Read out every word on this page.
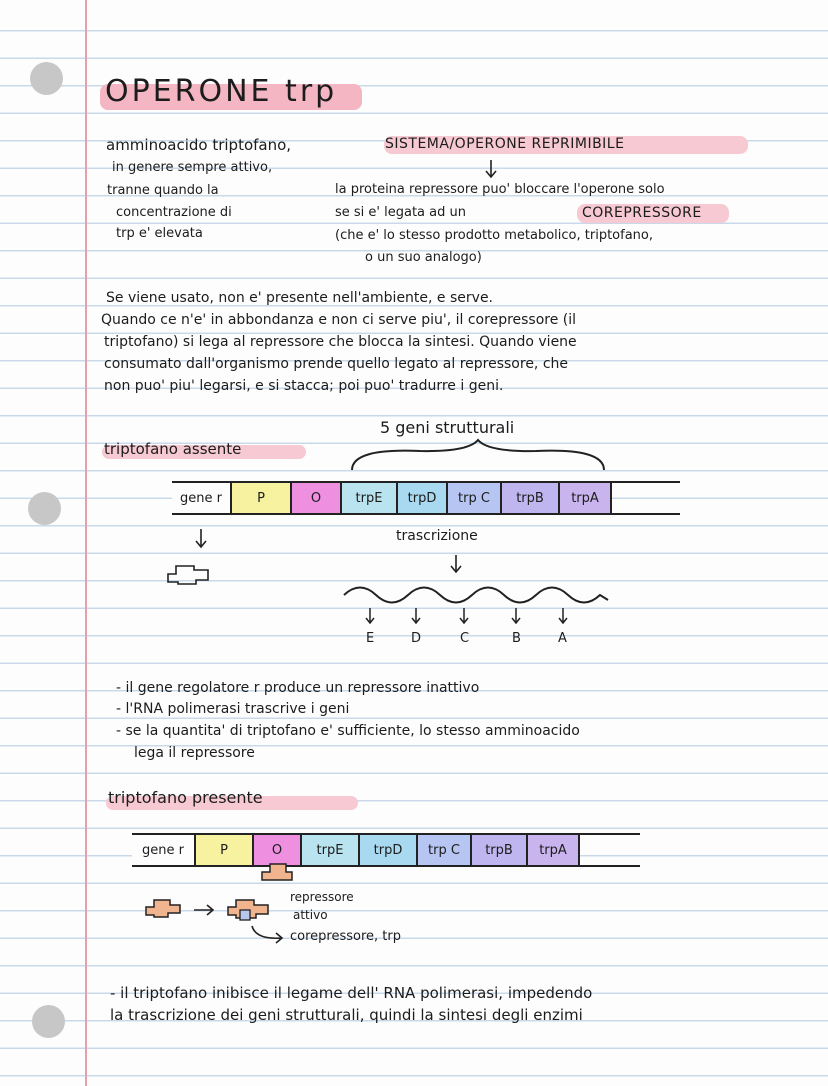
OPERONE trp
amminoacido triptofano,	SISTEMA/OPERONE REPRIMIBILE
in genere sempre attivo,
tranne quando la
concentrazione di
trp e' elevata
la proteina repressore puo' bloccare l'operone solo
se si e' legata ad un	COREPRESSORE
(che e' lo stesso prodotto metabolico, triptofano,
o un suo analogo)
Se viene usato, non e' presente nell'ambiente, e serve.
Quando ce n'e' in abbondanza e non ci serve piu', il corepressore (il
triptofano) si lega al repressore che blocca la sintesi. Quando viene
consumato dall'organismo prende quello legato al repressore, che
non puo' piu' legarsi, e si stacca; poi puo' tradurre i geni.
5 geni strutturali
triptofano assente
gene r	P	O	trpE trpD trp C trpB trpA
trascrizione
E	D	C	B	A
- il gene regolatore r produce un repressore inattivo
- l'RNA polimerasi trascrive i geni
- se la quantita' di triptofano e' sufficiente, lo stesso amminoacido
lega il repressore
triptofano presente
gene r	P	O	trpE trpD trp C trpB trpA
repressore
attivo
corepressore, trp
- il triptofano inibisce il legame dell' RNA polimerasi, impedendo
la trascrizione dei geni strutturali, quindi la sintesi degli enzimi
